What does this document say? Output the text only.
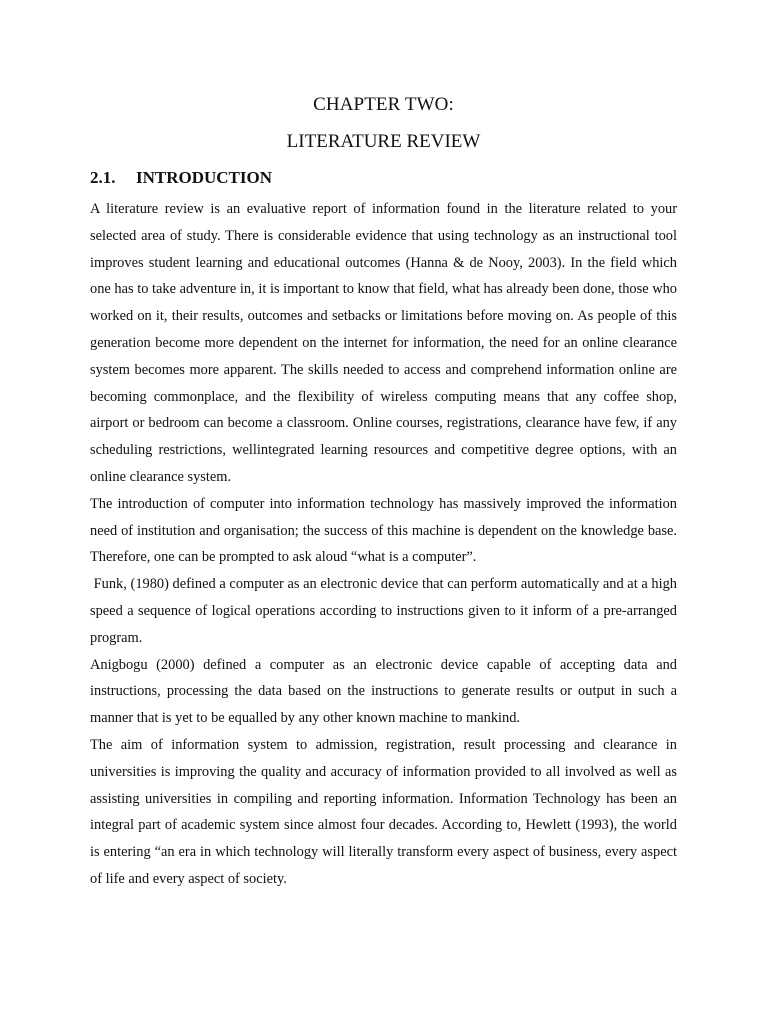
CHAPTER TWO:
LITERATURE REVIEW
2.1.	INTRODUCTION

A literature review is an evaluative report of information found in the literature related to your selected area of study. There is considerable evidence that using technology as an instructional tool improves student learning and educational outcomes (Hanna & de Nooy, 2003). In the field which one has to take adventure in, it is important to know that field, what has already been done, those who worked on it, their results, outcomes and setbacks or limitations before moving on. As people of this generation become more dependent on the internet for information, the need for an online clearance system becomes more apparent. The skills needed to access and comprehend information online are becoming commonplace, and the flexibility of wireless computing means that any coffee shop, airport or bedroom can become a classroom. Online courses, registrations, clearance have few, if any scheduling restrictions, wellintegrated learning resources and competitive degree options, with an online clearance system.

The introduction of computer into information technology has massively improved the information need of institution and organisation; the success of this machine is dependent on the knowledge base. Therefore, one can be prompted to ask aloud “what is a computer”.

Funk, (1980) defined a computer as an electronic device that can perform automatically and at a high speed a sequence of logical operations according to instructions given to it inform of a pre-arranged program.

Anigbogu (2000) defined a computer as an electronic device capable of accepting data and instructions, processing the data based on the instructions to generate results or output in such a manner that is yet to be equalled by any other known machine to mankind.

The aim of information system to admission, registration, result processing and clearance in universities is improving the quality and accuracy of information provided to all involved as well as assisting universities in compiling and reporting information. Information Technology has been an integral part of academic system since almost four decades. According to, Hewlett (1993), the world is entering “an era in which technology will literally transform every aspect of business, every aspect of life and every aspect of society.
